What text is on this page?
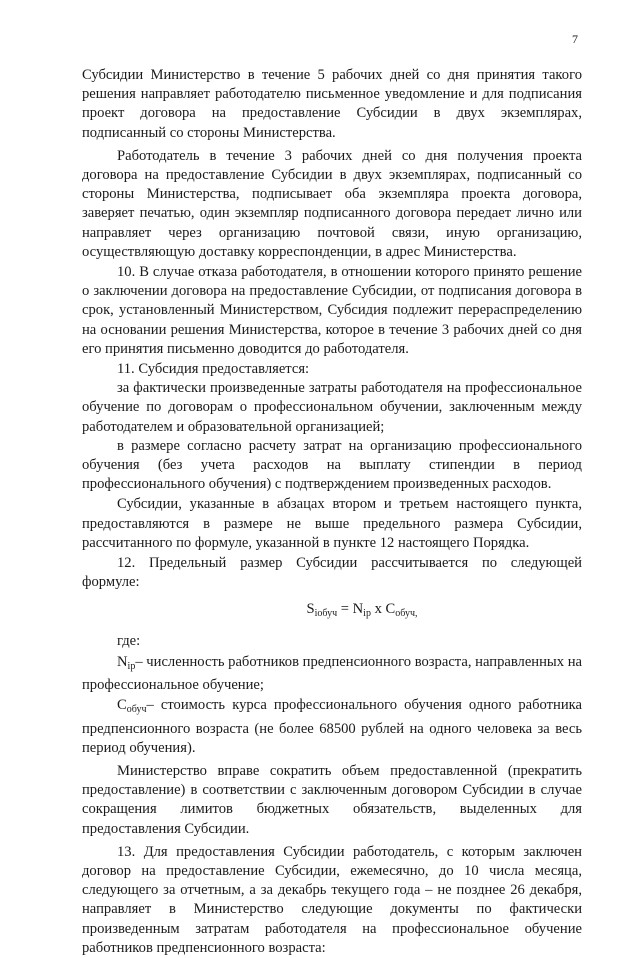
7

Субсидии Министерство в течение 5 рабочих дней со дня принятия такого решения направляет работодателю письменное уведомление и для подписания проект договора на предоставление Субсидии в двух экземплярах, подписанный со стороны Министерства.

Работодатель в течение 3 рабочих дней со дня получения проекта договора на предоставление Субсидии в двух экземплярах, подписанный со стороны Министерства, подписывает оба экземпляра проекта договора, заверяет печатью, один экземпляр подписанного договора передает лично или направляет через организацию почтовой связи, иную организацию, осуществляющую доставку корреспонденции, в адрес Министерства.

10. В случае отказа работодателя, в отношении которого принято решение о заключении договора на предоставление Субсидии, от подписания договора в срок, установленный Министерством, Субсидия подлежит перераспределению на основании решения Министерства, которое в течение 3 рабочих дней со дня его принятия письменно доводится до работодателя.

11. Субсидия предоставляется:

за фактически произведенные затраты работодателя на профессиональное обучение по договорам о профессиональном обучении, заключенным между работодателем и образовательной организацией;

в размере согласно расчету затрат на организацию профессионального обучения (без учета расходов на выплату стипендии в период профессионального обучения) с подтверждением произведенных расходов.

Субсидии, указанные в абзацах втором и третьем настоящего пункта, предоставляются в размере не выше предельного размера Субсидии, рассчитанного по формуле, указанной в пункте 12 настоящего Порядка.

12. Предельный размер Субсидии рассчитывается по следующей формуле:

$S_{iобуч} = N_{ip}$ x $C_{обуч,}$

где:

$N_{ip}-$ численность работников предпенсионного возраста, направленных на профессиональное обучение;

$C_{обуч}-$ стоимость курса профессионального обучения одного работника предпенсионного возраста (не более 68500 рублей на одного человека за весь период обучения).

Министерство вправе сократить объем предоставленной (прекратить предоставление) в соответствии с заключенным договором Субсидии в случае сокращения лимитов бюджетных обязательств, выделенных для предоставления Субсидии.

13. Для предоставления Субсидии работодатель, с которым заключен договор на предоставление Субсидии, ежемесячно, до 10 числа месяца, следующего за отчетным, а за декабрь текущего года – не позднее 26 декабря, направляет в Министерство следующие документы по фактически произведенным затратам работодателя на профессиональное обучение работников предпенсионного возраста:
